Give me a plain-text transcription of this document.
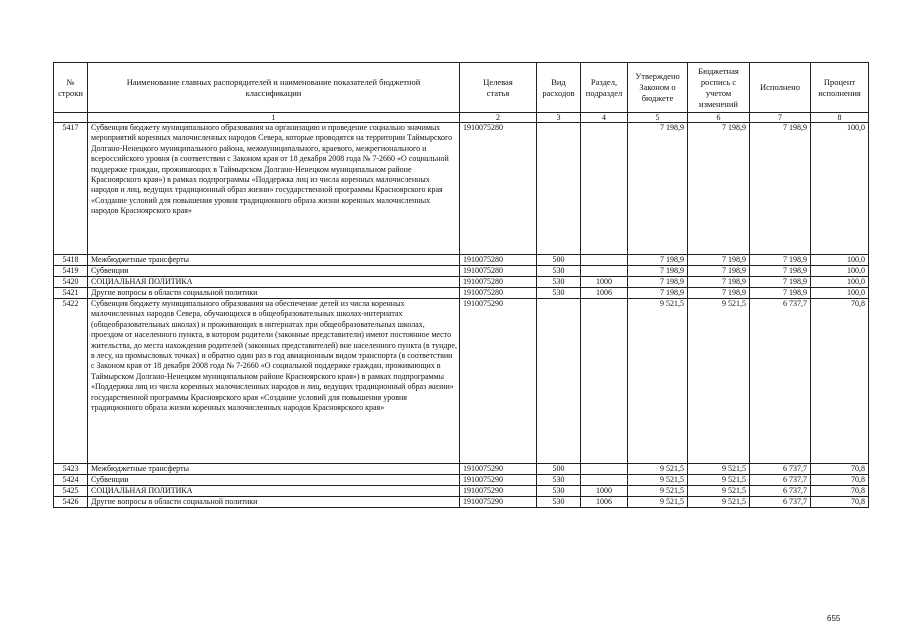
№ строки	Наименование главных распорядителей и наименование показателей бюджетной классификации	Целевая статья	Вид расходов	Раздел, подраздел	Утверждено Законом о бюджете	Бюджетная роспись с учетом изменений	Исполнено	Процент исполнения
	1	2	3	4	5	6	7	8
5417	Субвенция бюджету муниципального образования на организацию и проведение социально значимых мероприятий коренных малочисленных народов Севера, которые проводятся на территории Таймырского Долгано-Ненецкого муниципального района, межмуниципального, краевого, межрегионального и всероссийского уровня (в соответствии с Законом края от 18 декабря 2008 года № 7-2660 «О социальной поддержке граждан, проживающих в Таймырском Долгано-Ненецком муниципальном районе Красноярского края») в рамках подпрограммы «Поддержка лиц из числа коренных малочисленных народов и лиц, ведущих традиционный образ жизни» государственной программы Красноярского края «Создание условий для повышения уровня традиционного образа жизни коренных малочисленных народов Красноярского края»	1910075280			7 198,9	7 198,9	7 198,9	100,0
5418	Межбюджетные трансферты	1910075280	500		7 198,9	7 198,9	7 198,9	100,0
5419	Субвенции	1910075280	530		7 198,9	7 198,9	7 198,9	100,0
5420	СОЦИАЛЬНАЯ ПОЛИТИКА	1910075280	530	1000	7 198,9	7 198,9	7 198,9	100,0
5421	Другие вопросы в области социальной политики	1910075280	530	1006	7 198,9	7 198,9	7 198,9	100,0
5422	Субвенция бюджету муниципального образования на обеспечение детей из числа коренных малочисленных народов Севера, обучающихся в общеобразовательных школах-интернатах (общеобразовательных школах) и проживающих в интернатах при общеобразовательных школах, проездом от населенного пункта, в котором родители (законные представители) имеют постоянное место жительства, до места нахождения родителей (законных представителей) вне населенного пункта (в тундре, в лесу, на промысловых точках) и обратно один раз в год авиационным видом транспорта (в соответствии с Законом края от 18 декабря 2008 года № 7-2660 «О социальной поддержке граждан, проживающих в Таймырском Долгано-Ненецком муниципальном районе Красноярского края») в рамках подпрограммы «Поддержка лиц из числа коренных малочисленных народов и лиц, ведущих традиционный образ жизни» государственной программы Красноярского края «Создание условий для повышения уровня традиционного образа жизни коренных малочисленных народов Красноярского края»	1910075290			9 521,5	9 521,5	6 737,7	70,8
5423	Межбюджетные трансферты	1910075290	500		9 521,5	9 521,5	6 737,7	70,8
5424	Субвенции	1910075290	530		9 521,5	9 521,5	6 737,7	70,8
5425	СОЦИАЛЬНАЯ ПОЛИТИКА	1910075290	530	1000	9 521,5	9 521,5	6 737,7	70,8
5426	Другие вопросы в области социальной политики	1910075290	530	1006	9 521,5	9 521,5	6 737,7	70,8
655
